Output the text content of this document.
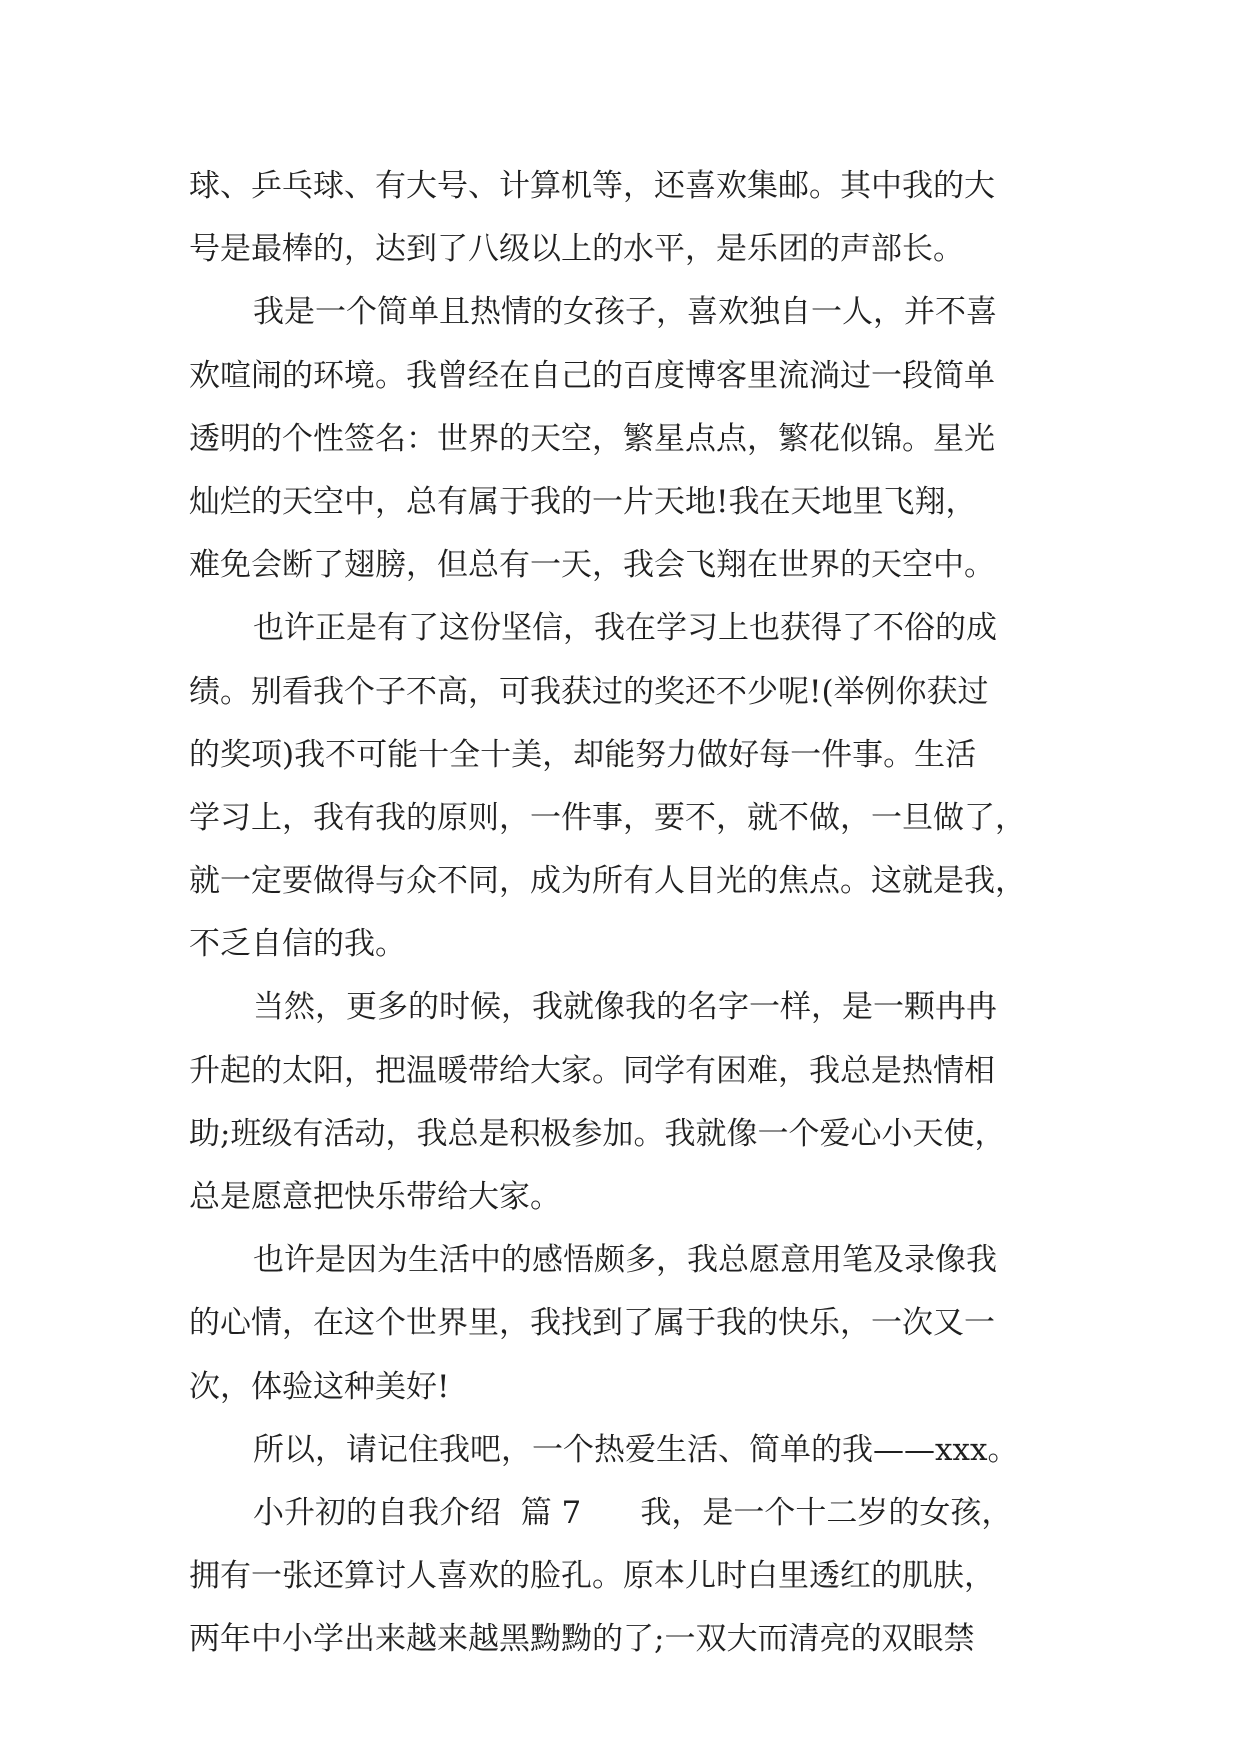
球、乒乓球、有大号、计算机等，还喜欢集邮。其中我的大
号是最棒的，达到了八级以上的水平，是乐团的声部长。
我是一个简单且热情的女孩子，喜欢独自一人，并不喜
欢喧闹的环境。我曾经在自己的百度博客里流淌过一段简单
透明的个性签名：世界的天空，繁星点点，繁花似锦。星光
灿烂的天空中，总有属于我的一片天地!我在天地里飞翔，
难免会断了翅膀，但总有一天，我会飞翔在世界的天空中。
也许正是有了这份坚信，我在学习上也获得了不俗的成
绩。别看我个子不高，可我获过的奖还不少呢!(举例你获过
的奖项)我不可能十全十美，却能努力做好每一件事。生活
学习上，我有我的原则，一件事，要不，就不做，一旦做了，
就一定要做得与众不同，成为所有人目光的焦点。这就是我，
不乏自信的我。
当然，更多的时候，我就像我的名字一样，是一颗冉冉
升起的太阳，把温暖带给大家。同学有困难，我总是热情相
助;班级有活动，我总是积极参加。我就像一个爱心小天使，
总是愿意把快乐带给大家。
也许是因为生活中的感悟颇多，我总愿意用笔及录像我
的心情，在这个世界里，我找到了属于我的快乐，一次又一
次，体验这种美好!
所以，请记住我吧，一个热爱生活、简单的我——xxx。
小升初的自我介绍  篇 7      我，是一个十二岁的女孩，
拥有一张还算讨人喜欢的脸孔。原本儿时白里透红的肌肤，
两年中小学出来越来越黑黝黝的了;一双大而清亮的双眼禁
